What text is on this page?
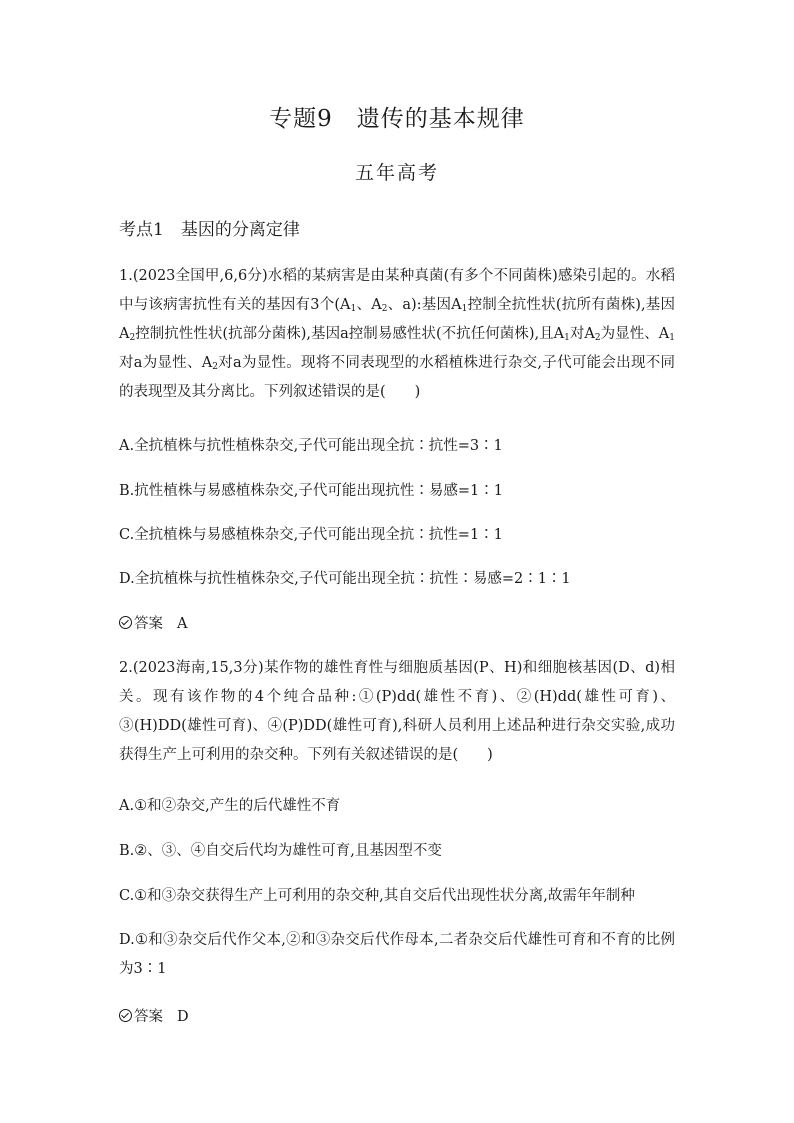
专题9　遗传的基本规律
五年高考
考点1　基因的分离定律
1.(2023全国甲,6,6分)水稻的某病害是由某种真菌(有多个不同菌株)感染引起的。水稻中与该病害抗性有关的基因有3个($A_1$、$A_2$、a):基因$A_1$控制全抗性状(抗所有菌株),基因$A_2$控制抗性性状(抗部分菌株),基因a控制易感性状(不抗任何菌株),且$A_1$对$A_2$为显性、$A_1$对a为显性、$A_2$对a为显性。现将不同表现型的水稻植株进行杂交,子代可能会出现不同的表现型及其分离比。下列叙述错误的是(　　)
A.全抗植株与抗性植株杂交,子代可能出现全抗∶抗性=3∶1
B.抗性植株与易感植株杂交,子代可能出现抗性∶易感=1∶1
C.全抗植株与易感植株杂交,子代可能出现全抗∶抗性=1∶1
D.全抗植株与抗性植株杂交,子代可能出现全抗∶抗性∶易感=2∶1∶1
答案 A
2.(2023海南,15,3分)某作物的雄性育性与细胞质基因(P、H)和细胞核基因(D、d)相关。现有该作物的4个纯合品种:①(P)dd(雄性不育)、②(H)dd(雄性可育)、③(H)DD(雄性可育)、④(P)DD(雄性可育),科研人员利用上述品种进行杂交实验,成功获得生产上可利用的杂交种。下列有关叙述错误的是(　　)
A.①和②杂交,产生的后代雄性不育
B.②、③、④自交后代均为雄性可育,且基因型不变
C.①和③杂交获得生产上可利用的杂交种,其自交后代出现性状分离,故需年年制种
D.①和③杂交后代作父本,②和③杂交后代作母本,二者杂交后代雄性可育和不育的比例为3∶1
答案 D
